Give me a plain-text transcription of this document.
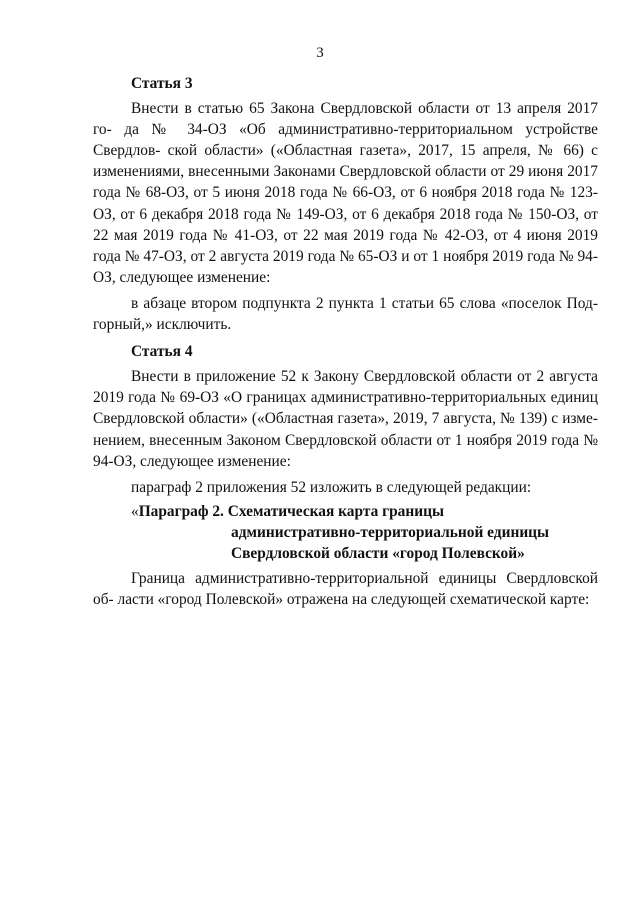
3
Статья 3

Внести в статью 65 Закона Свердловской области от 13 апреля 2017 го- да № 34-ОЗ «Об административно-территориальном устройстве Свердлов- ской области» («Областная газета», 2017, 15 апреля, № 66) с изменениями, внесенными Законами Свердловской области от 29 июня 2017 года № 68-ОЗ, от 5 июня 2018 года № 66-ОЗ, от 6 ноября 2018 года № 123-ОЗ, от 6 декабря 2018 года № 149-ОЗ, от 6 декабря 2018 года № 150-ОЗ, от 22 мая 2019 года № 41-ОЗ, от 22 мая 2019 года № 42-ОЗ, от 4 июня 2019 года № 47-ОЗ, от 2 августа 2019 года № 65-ОЗ и от 1 ноября 2019 года № 94-ОЗ, следующее изменение:

в абзаце втором подпункта 2 пункта 1 статьи 65 слова «поселок Под- горный,» исключить.

Статья 4

Внести в приложение 52 к Закону Свердловской области от 2 августа 2019 года № 69-ОЗ «О границах административно-территориальных единиц Свердловской области» («Областная газета», 2019, 7 августа, № 139) с изме- нением, внесенным Законом Свердловской области от 1 ноября 2019 года № 94-ОЗ, следующее изменение:

параграф 2 приложения 52 изложить в следующей редакции:

«Параграф 2. Схематическая карта границы
административно-территориальной единицы
Свердловской области «город Полевской»

Граница административно-территориальной единицы Свердловской об- ласти «город Полевской» отражена на следующей схематической карте:
